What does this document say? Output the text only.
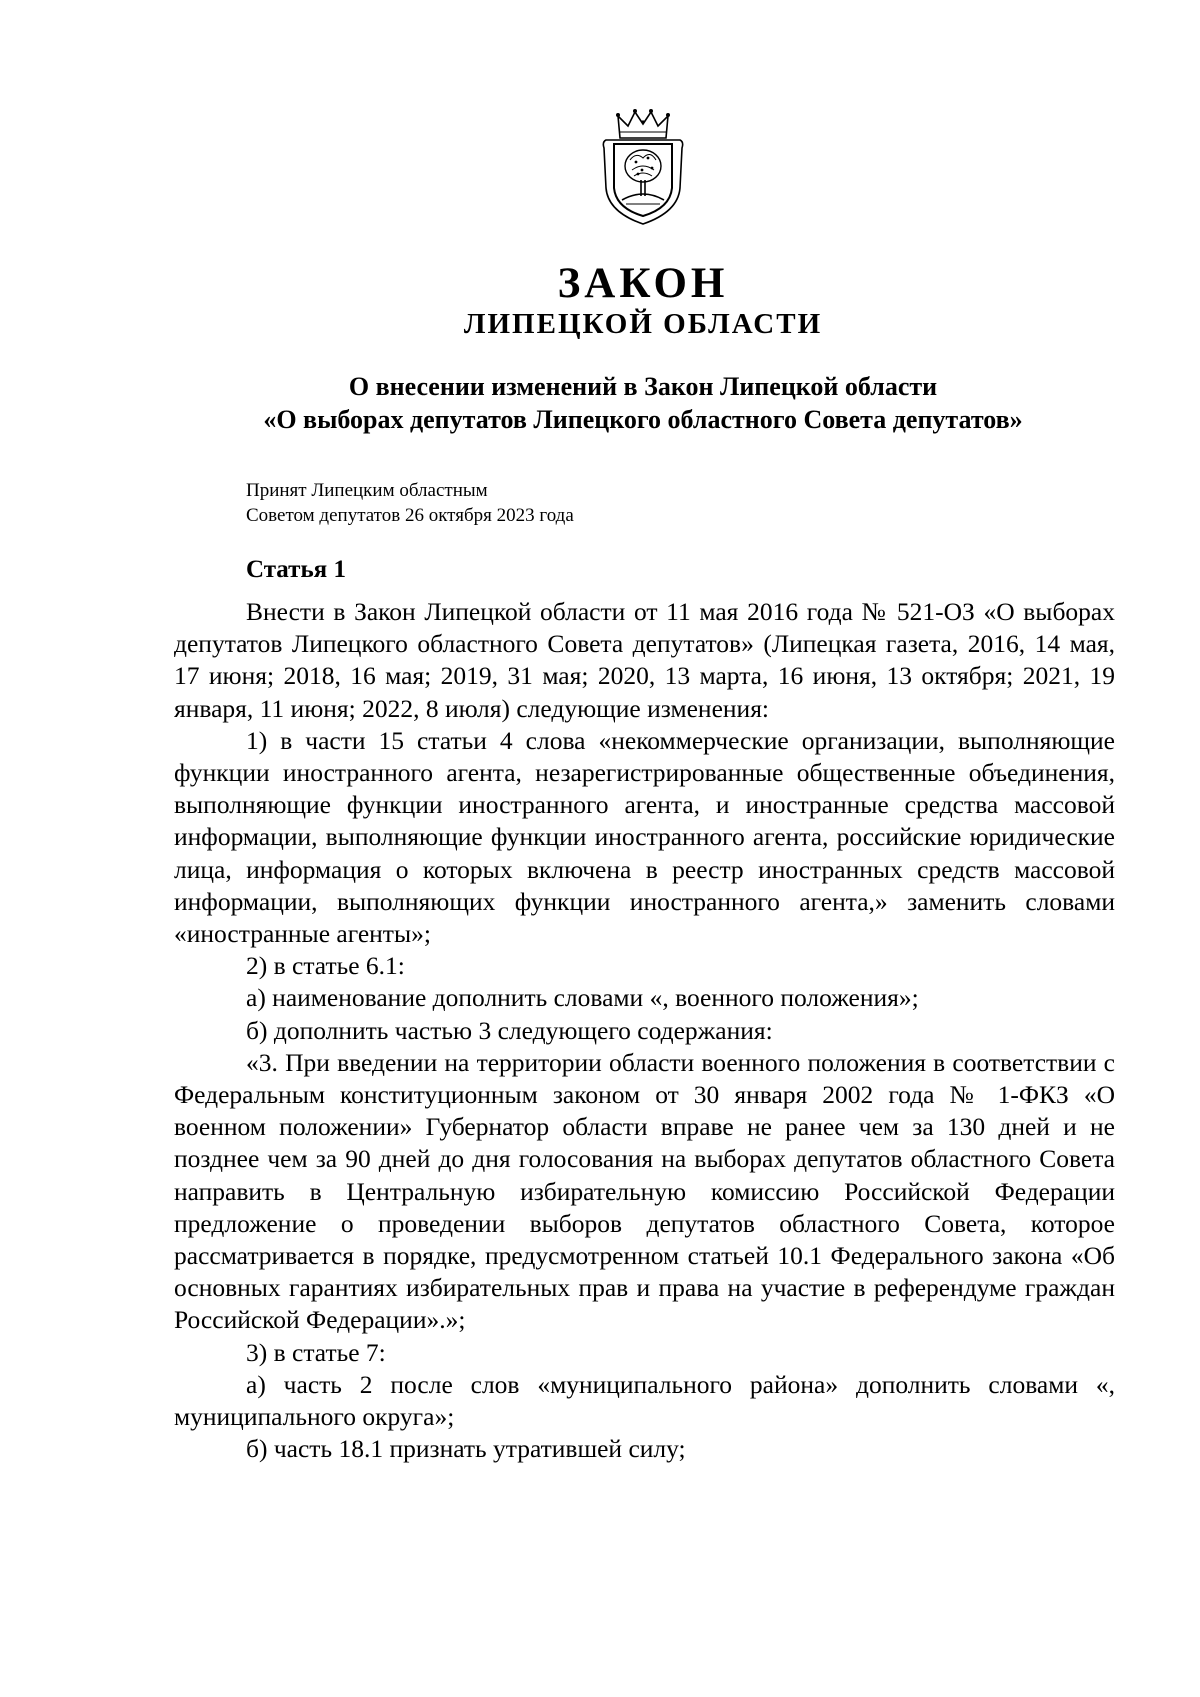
ЗАКОН
ЛИПЕЦКОЙ ОБЛАСТИ
О внесении изменений в Закон Липецкой области
«О выборах депутатов Липецкого областного Совета депутатов»
Принят Липецким областным
Советом депутатов 26 октября 2023 года
Статья 1

Внести в Закон Липецкой области от 11 мая 2016 года № 521-ОЗ «О выборах депутатов Липецкого областного Совета депутатов» (Липецкая газета, 2016, 14 мая, 17 июня; 2018, 16 мая; 2019, 31 мая; 2020, 13 марта, 16 июня, 13 октября; 2021, 19 января, 11 июня; 2022, 8 июля) следующие изменения:

1) в части 15 статьи 4 слова «некоммерческие организации, выполняющие функции иностранного агента, незарегистрированные общественные объединения, выполняющие функции иностранного агента, и иностранные средства массовой информации, выполняющие функции иностранного агента, российские юридические лица, информация о которых включена в реестр иностранных средств массовой информации, выполняющих функции иностранного агента,» заменить словами «иностранные агенты»;

2) в статье 6.1:

а) наименование дополнить словами «, военного положения»;

б) дополнить частью 3 следующего содержания:

«3. При введении на территории области военного положения в соответствии с Федеральным конституционным законом от 30 января 2002 года № 1-ФКЗ «О военном положении» Губернатор области вправе не ранее чем за 130 дней и не позднее чем за 90 дней до дня голосования на выборах депутатов областного Совета направить в Центральную избирательную комиссию Российской Федерации предложение о проведении выборов депутатов областного Совета, которое рассматривается в порядке, предусмотренном статьей 10.1 Федерального закона «Об основных гарантиях избирательных прав и права на участие в референдуме граждан Российской Федерации».»;

3) в статье 7:

а) часть 2 после слов «муниципального района» дополнить словами «, муниципального округа»;

б) часть 18.1 признать утратившей силу;
